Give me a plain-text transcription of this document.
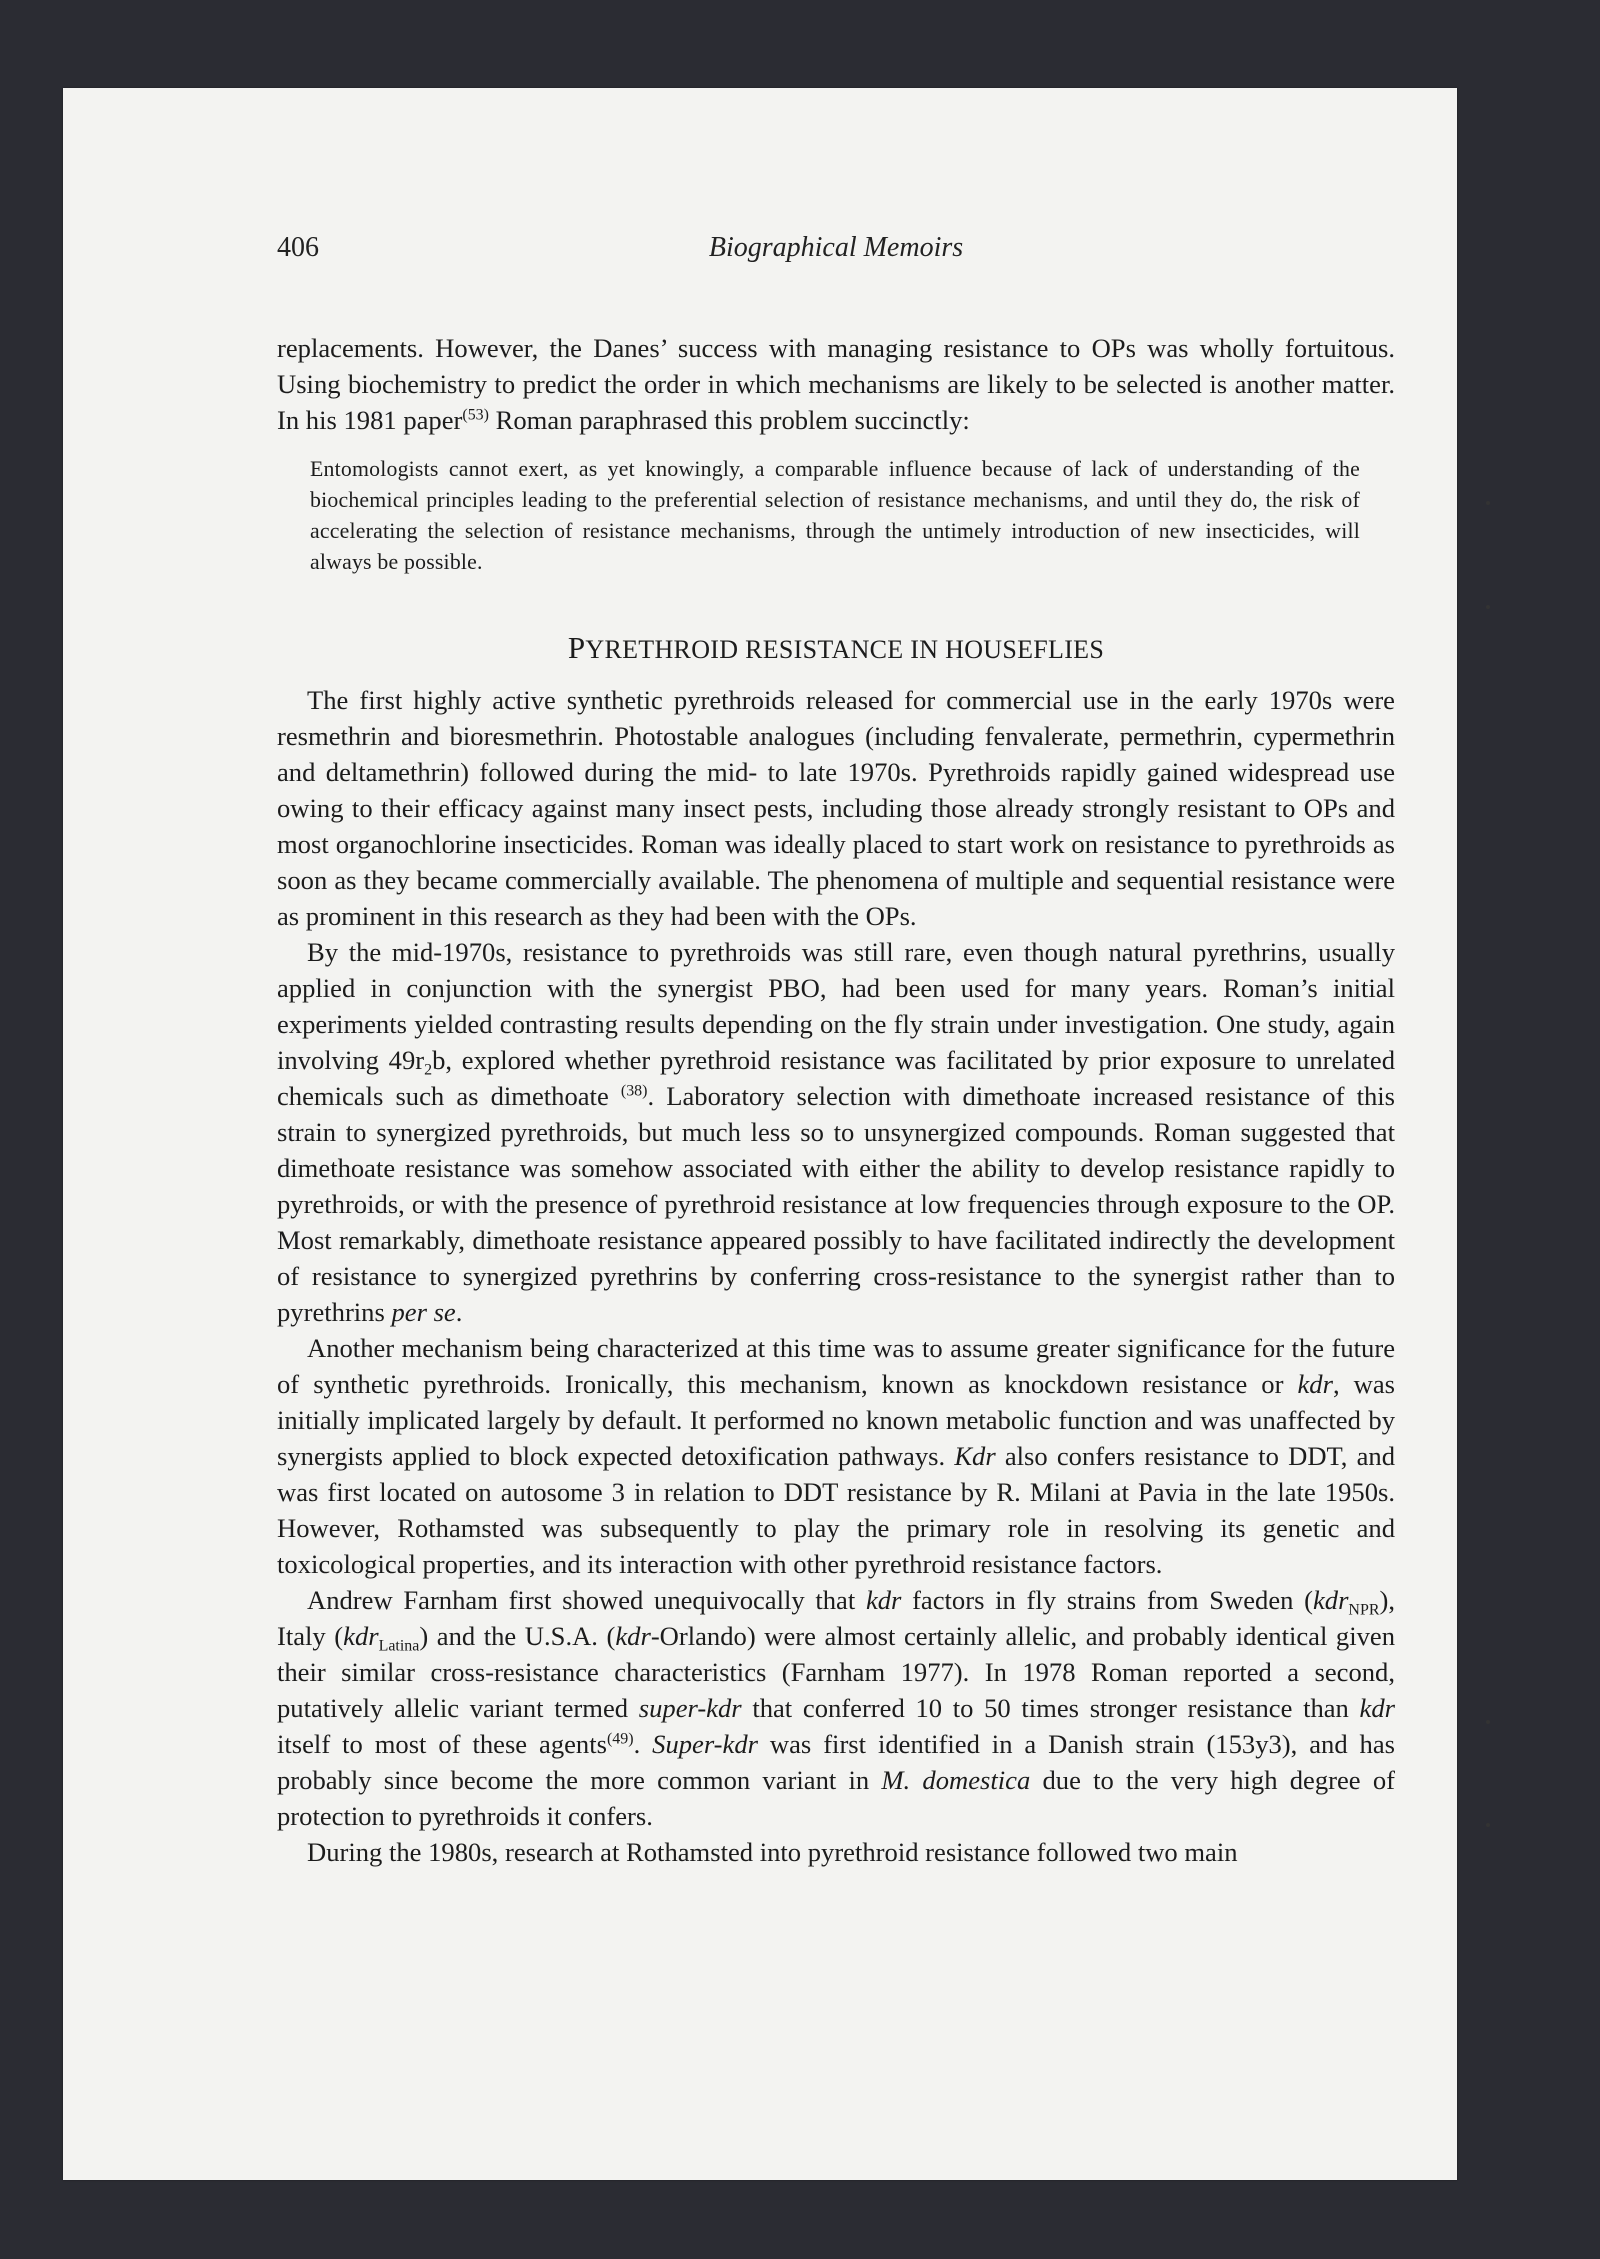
406	Biographical Memoirs

replacements. However, the Danes’ success with managing resistance to OPs was wholly fortuitous. Using biochemistry to predict the order in which mechanisms are likely to be selected is another matter. In his 1981 paper$^{(53)}$ Roman paraphrased this problem succinctly:

Entomologists cannot exert, as yet knowingly, a comparable influence because of lack of understanding of the biochemical principles leading to the preferential selection of resistance mechanisms, and until they do, the risk of accelerating the selection of resistance mechanisms, through the untimely introduction of new insecticides, will always be possible.

PYRETHROID RESISTANCE IN HOUSEFLIES

The first highly active synthetic pyrethroids released for commercial use in the early 1970s were resmethrin and bioresmethrin. Photostable analogues (including fenvalerate, permethrin, cypermethrin and deltamethrin) followed during the mid- to late 1970s. Pyrethroids rapidly gained widespread use owing to their efficacy against many insect pests, including those already strongly resistant to OPs and most organochlorine insecticides. Roman was ideally placed to start work on resistance to pyrethroids as soon as they became commercially available. The phenomena of multiple and sequential resistance were as prominent in this research as they had been with the OPs.

By the mid-1970s, resistance to pyrethroids was still rare, even though natural pyrethrins, usually applied in conjunction with the synergist PBO, had been used for many years. Roman’s initial experiments yielded contrasting results depending on the fly strain under investigation. One study, again involving $49r_2b$, explored whether pyrethroid resistance was facilitated by prior exposure to unrelated chemicals such as dimethoate $^{(38)}$. Laboratory selection with dimethoate increased resistance of this strain to synergized pyrethroids, but much less so to unsynergized compounds. Roman suggested that dimethoate resistance was somehow associated with either the ability to develop resistance rapidly to pyrethroids, or with the presence of pyrethroid resistance at low frequencies through exposure to the OP. Most remarkably, dimethoate resistance appeared possibly to have facilitated indirectly the development of resistance to synergized pyrethrins by conferring cross-resistance to the synergist rather than to pyrethrins per se.

Another mechanism being characterized at this time was to assume greater significance for the future of synthetic pyrethroids. Ironically, this mechanism, known as knockdown resistance or kdr, was initially implicated largely by default. It performed no known metabolic function and was unaffected by synergists applied to block expected detoxification pathways. Kdr also confers resistance to DDT, and was first located on autosome 3 in relation to DDT resistance by R. Milani at Pavia in the late 1950s. However, Rothamsted was subsequently to play the primary role in resolving its genetic and toxicological properties, and its interaction with other pyrethroid resistance factors.

Andrew Farnham first showed unequivocally that kdr factors in fly strains from Sweden (kdr$_{NPR}$), Italy (kdr$_{Latina}$) and the U.S.A. (kdr-Orlando) were almost certainly allelic, and probably identical given their similar cross-resistance characteristics (Farnham 1977). In 1978 Roman reported a second, putatively allelic variant termed super-kdr that conferred 10 to 50 times stronger resistance than kdr itself to most of these agents$^{(49)}$. Super-kdr was first identified in a Danish strain (153y3), and has probably since become the more common variant in M. domestica due to the very high degree of protection to pyrethroids it confers.

During the 1980s, research at Rothamsted into pyrethroid resistance followed two main
